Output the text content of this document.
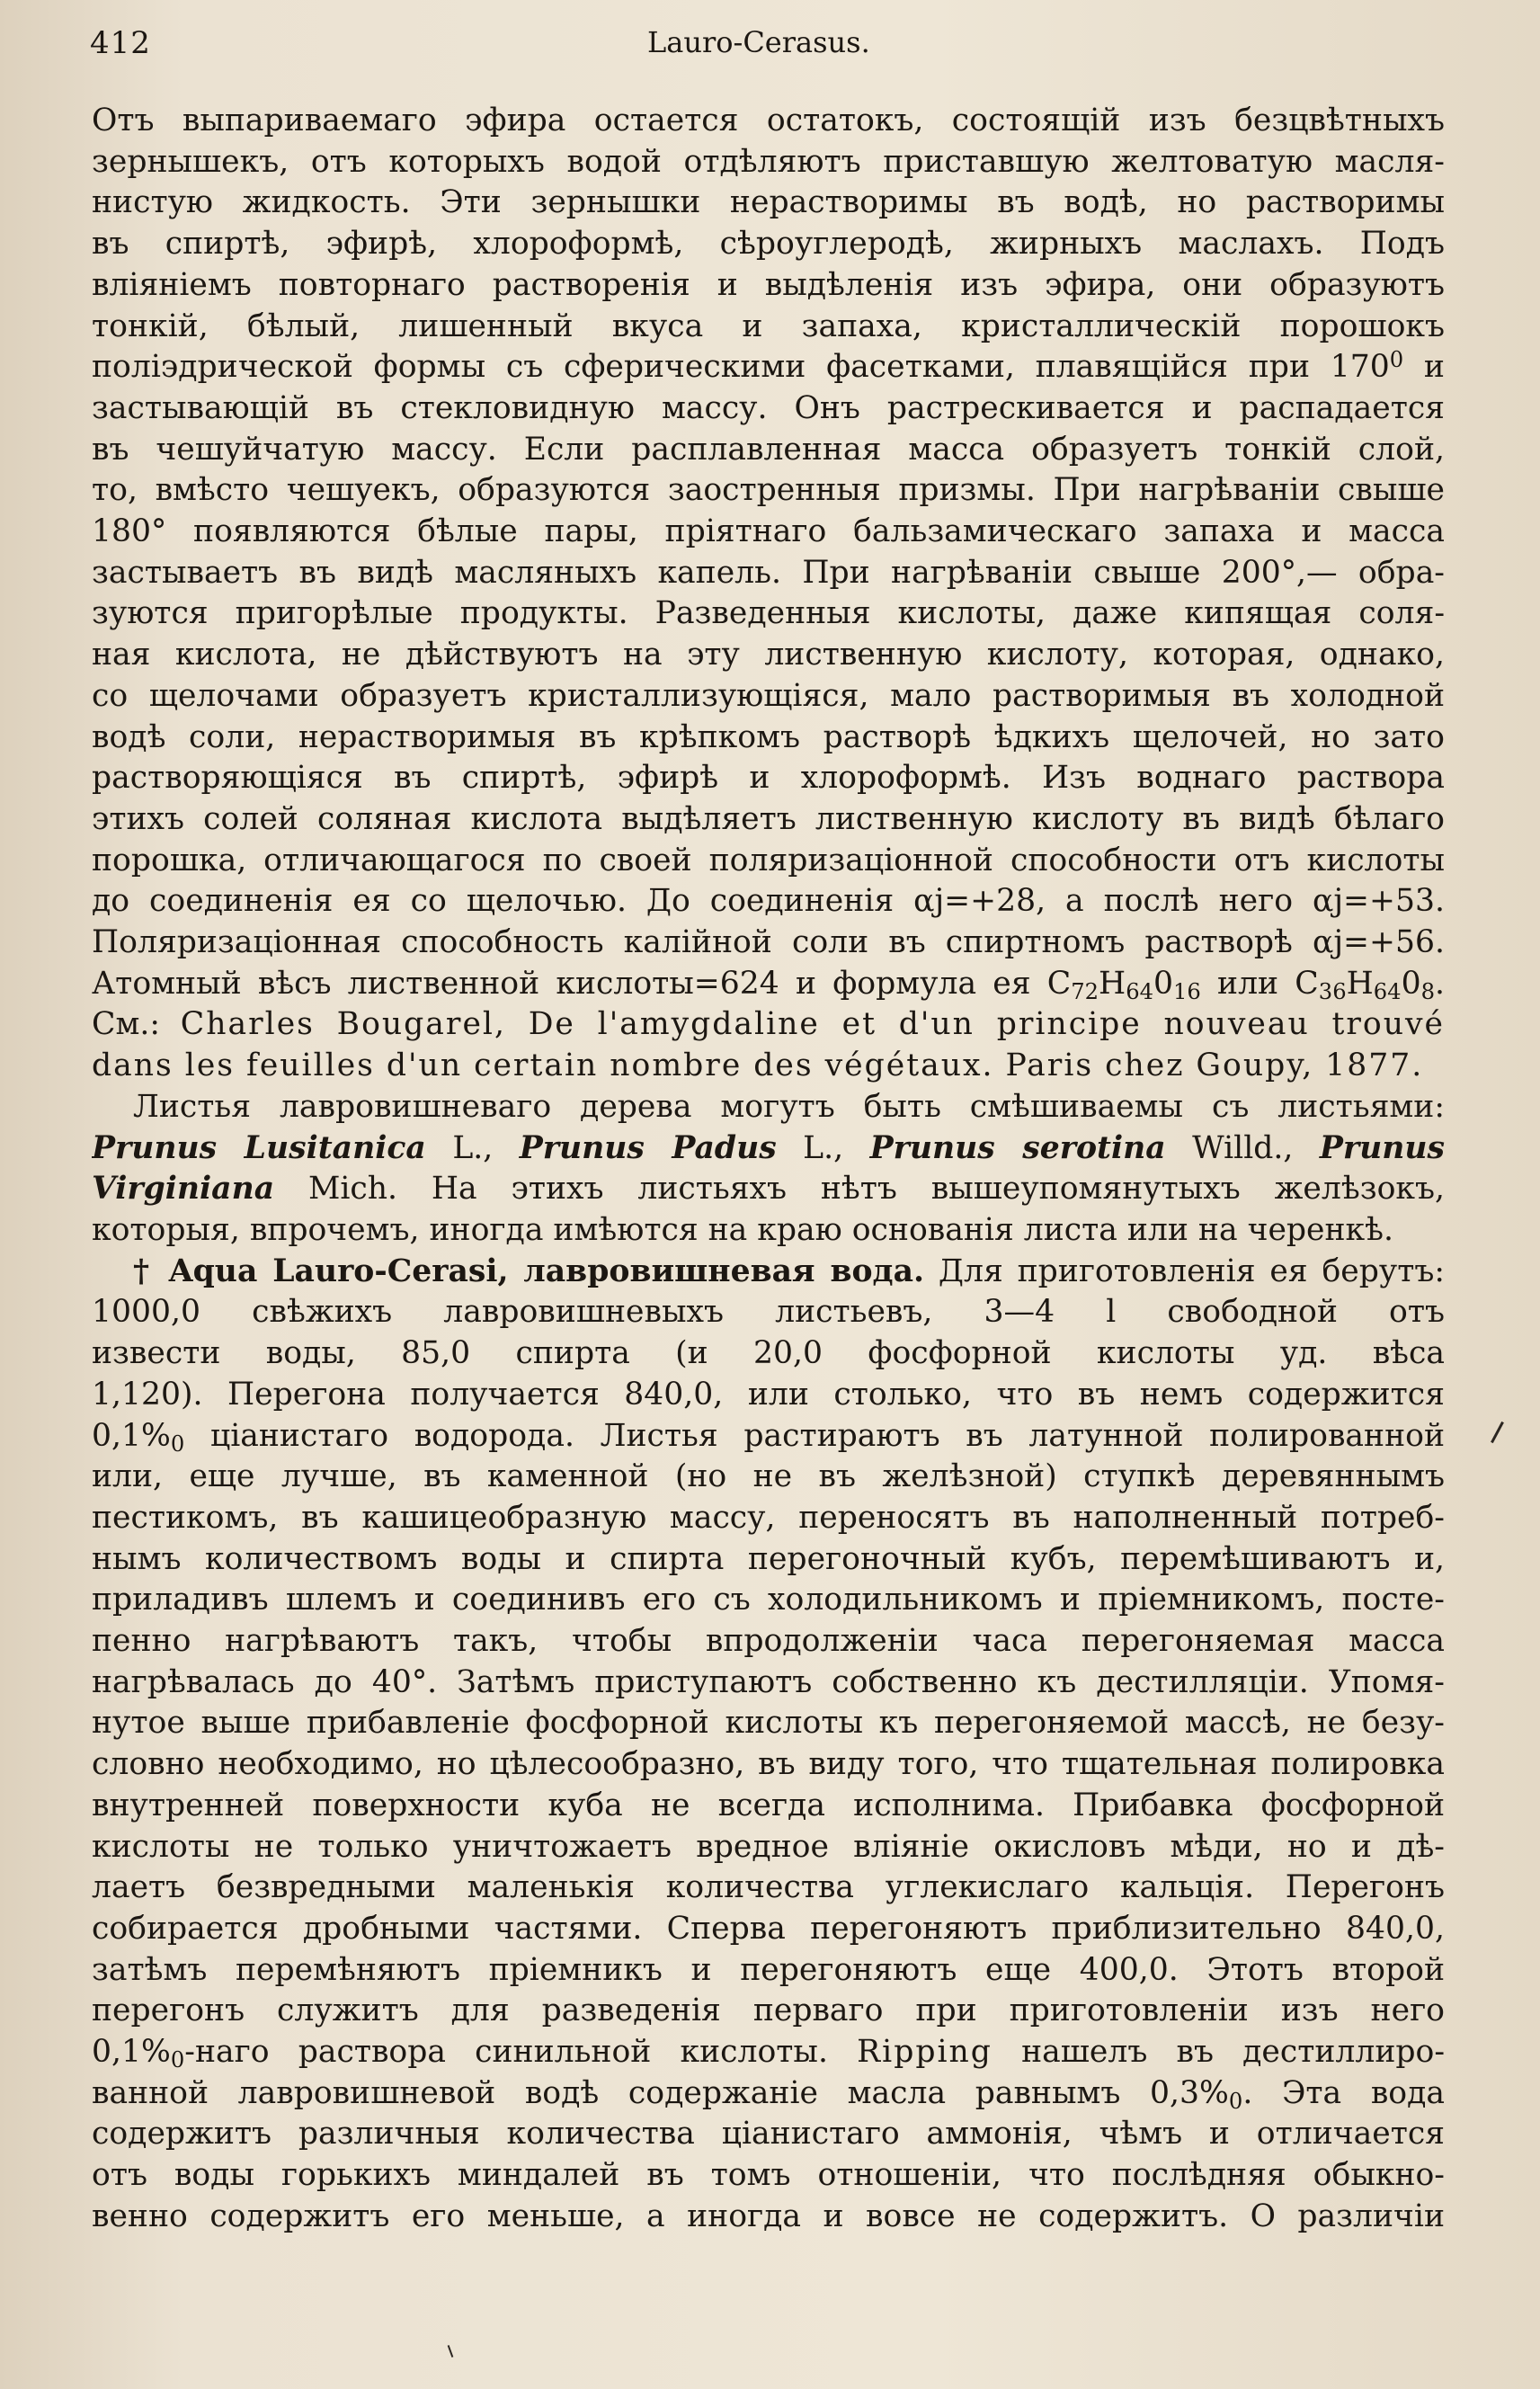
412	Lauro-Cerasus.
Отъ выпариваемаго эфира остается остатокъ, состоящій изъ безцвѣтныхъ
зернышекъ, отъ которыхъ водой отдѣляютъ приставшую желтоватую масля-
нистую жидкость. Эти зернышки нерастворимы въ водѣ, но растворимы
въ спиртѣ, эфирѣ, хлороформѣ, сѣроуглеродѣ, жирныхъ маслахъ. Подъ
вліяніемъ повторнаго растворенія и выдѣленія изъ эфира, они образуютъ
тонкій, бѣлый, лишенный вкуса и запаха, кристаллическій порошокъ
поліэдрической формы съ сферическими фасетками, плавящійся при $170^0$ и
застывающій въ стекловидную массу. Онъ растрескивается и распадается
въ чешуйчатую массу. Если расплавленная масса образуетъ тонкій слой,
то, вмѣсто чешуекъ, образуются заостренныя призмы. При нагрѣваніи свыше
180° появляются бѣлые пары, пріятнаго бальзамическаго запаха и масса
застываетъ въ видѣ масляныхъ капель. При нагрѣваніи свыше 200°,— обра-
зуются пригорѣлые продукты. Разведенныя кислоты, даже кипящая соля-
ная кислота, не дѣйствуютъ на эту лиственную кислоту, которая, однако,
со щелочами образуетъ кристаллизующіяся, мало растворимыя въ холодной
водѣ соли, нерастворимыя въ крѣпкомъ растворѣ ѣдкихъ щелочей, но зато
растворяющіяся въ спиртѣ, эфирѣ и хлороформѣ. Изъ воднаго раствора
этихъ солей соляная кислота выдѣляетъ лиственную кислоту въ видѣ бѣлаго
порошка, отличающагося по своей поляризаціонной способности отъ кислоты
до соединенія ея со щелочью. До соединенія αj=+28, а послѣ него αj=+53.
Поляризаціонная способность калійной соли въ спиртномъ растворѣ αj=+56.
Атомный вѣсъ лиственной кислоты=624 и формула ея $C_{72}H_{64}0_{16}$ или $C_{36}H_{64}0_8$.
См.: Charles Bougarel, De l'amygdaline et d'un principe nouveau trouvé
dans les feuilles d'un certain nombre des végétaux. Paris chez Goupy, 1877.
Листья лавровишневаго дерева могутъ быть смѣшиваемы съ листьями:
Prunus Lusitanica L., Prunus Padus L., Prunus serotina Willd., Prunus
Virginiana Mich. На этихъ листьяхъ нѣтъ вышеупомянутыхъ желѣзокъ,
которыя, впрочемъ, иногда имѣются на краю основанія листа или на черенкѣ.
† Aqua Lauro-Cerasi, лавровишневая вода. Для приготовленія ея берутъ:
1000,0 свѣжихъ лавровишневыхъ листьевъ, 3—4 l свободной отъ
извести воды, 85,0 спирта (и 20,0 фосфорной кислоты уд. вѣса
1,120). Перегона получается 840,0, или столько, что въ немъ содержится
$0,1\%_0$ ціанистаго водорода. Листья растираютъ въ латунной полированной
или, еще лучше, въ каменной (но не въ желѣзной) ступкѣ деревяннымъ
пестикомъ, въ кашицеобразную массу, переносятъ въ наполненный потреб-
нымъ количествомъ воды и спирта перегоночный кубъ, перемѣшиваютъ и,
приладивъ шлемъ и соединивъ его съ холодильникомъ и пріемникомъ, посте-
пенно нагрѣваютъ такъ, чтобы впродолженіи часа перегоняемая масса
нагрѣвалась до 40°. Затѣмъ приступаютъ собственно къ дестилляціи. Упомя-
нутое выше прибавленіе фосфорной кислоты къ перегоняемой массѣ, не безу-
словно необходимо, но цѣлесообразно, въ виду того, что тщательная полировка
внутренней поверхности куба не всегда исполнима. Прибавка фосфорной
кислоты не только уничтожаетъ вредное вліяніе окисловъ мѣди, но и дѣ-
лаетъ безвредными маленькія количества углекислаго кальція. Перегонъ
собирается дробными частями. Сперва перегоняютъ приблизительно 840,0,
затѣмъ перемѣняютъ пріемникъ и перегоняютъ еще 400,0. Этотъ второй
перегонъ служитъ для разведенія перваго при приготовленіи изъ него
$0,1\%_0$-наго раствора синильной кислоты. Ripping нашелъ въ дестиллиро-
ванной лавровишневой водѣ содержаніе масла равнымъ $0,3\%_0$. Эта вода
содержитъ различныя количества ціанистаго аммонія, чѣмъ и отличается
отъ воды горькихъ миндалей въ томъ отношеніи, что послѣдняя обыкно-
венно содержитъ его меньше, а иногда и вовсе не содержитъ. О различіи
